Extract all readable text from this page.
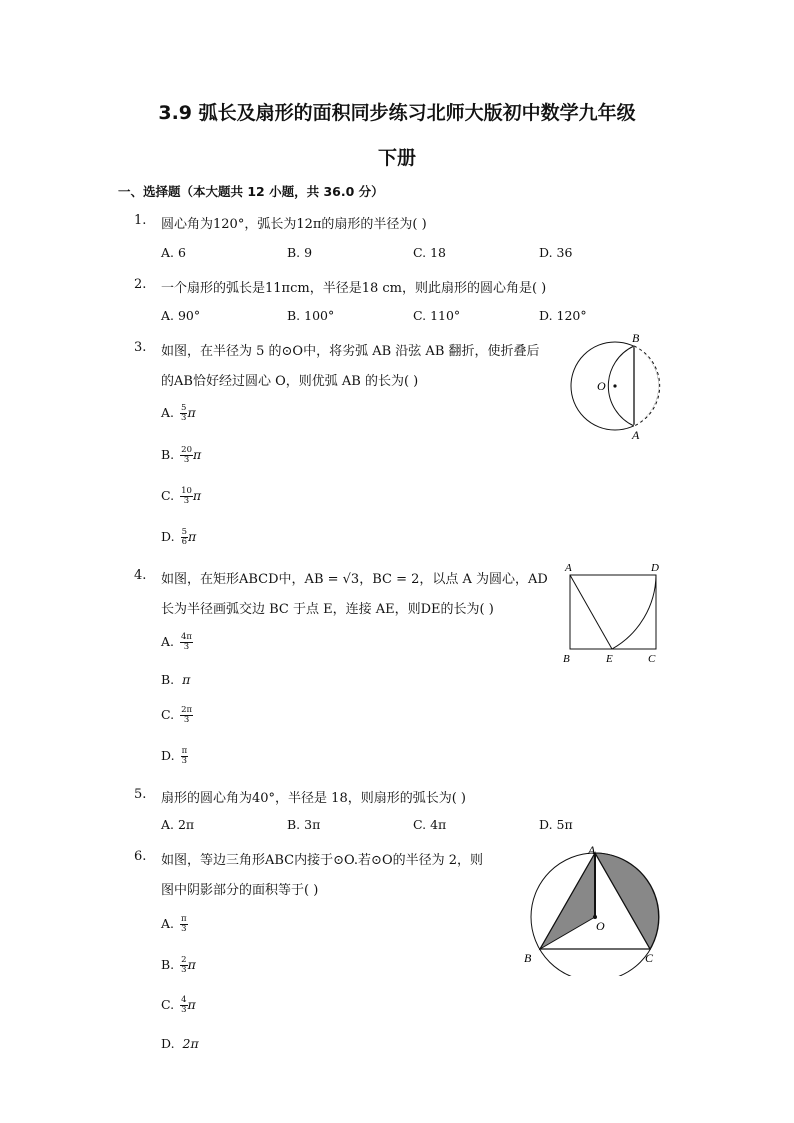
3.9 弧长及扇形的面积同步练习北师大版初中数学九年级
下册
一、选择题（本大题共 12 小题，共 36.0 分）
1. 圆心角为120°，弧长为12π的扇形的半径为( )
A. 6	B. 9	C. 18	D. 36
2. 一个扇形的弧长是11πcm，半径是18 cm，则此扇形的圆心角是( )
A. 90°	B. 100°	C. 110°	D. 120°
3. 如图，在半径为 5 的⊙O中，将劣弧 AB 沿弦 AB 翻折，使折叠后
的AB恰好经过圆心 O，则优弧 AB 的长为( )
A. $\frac{5}{3}$ π
B. $\frac{20}{3}$ π
C. $\frac{10}{3}$ π
D. $\frac{5}{6}$ π
B
O
A
4. 如图，在矩形ABCD中，AB = √3，BC = 2，以点 A 为圆心，AD
长为半径画弧交边 BC 于点 E，连接 AE，则DE的长为( )
A. $\frac{4\pi}{3}$
B. π
C. $\frac{2\pi}{3}$
D. $\frac{\pi}{3}$
A	D
B	E	C
5. 扇形的圆心角为40°，半径是 18，则扇形的弧长为( )
A. 2π	B. 3π	C. 4π	D. 5π
6. 如图，等边三角形ABC内接于⊙O.若⊙O的半径为 2，则
图中阴影部分的面积等于( )
A. $\frac{\pi}{3}$
B. $\frac{2}{3}$ π
C. $\frac{4}{3}$ π
D. 2π
A
O
B	C
